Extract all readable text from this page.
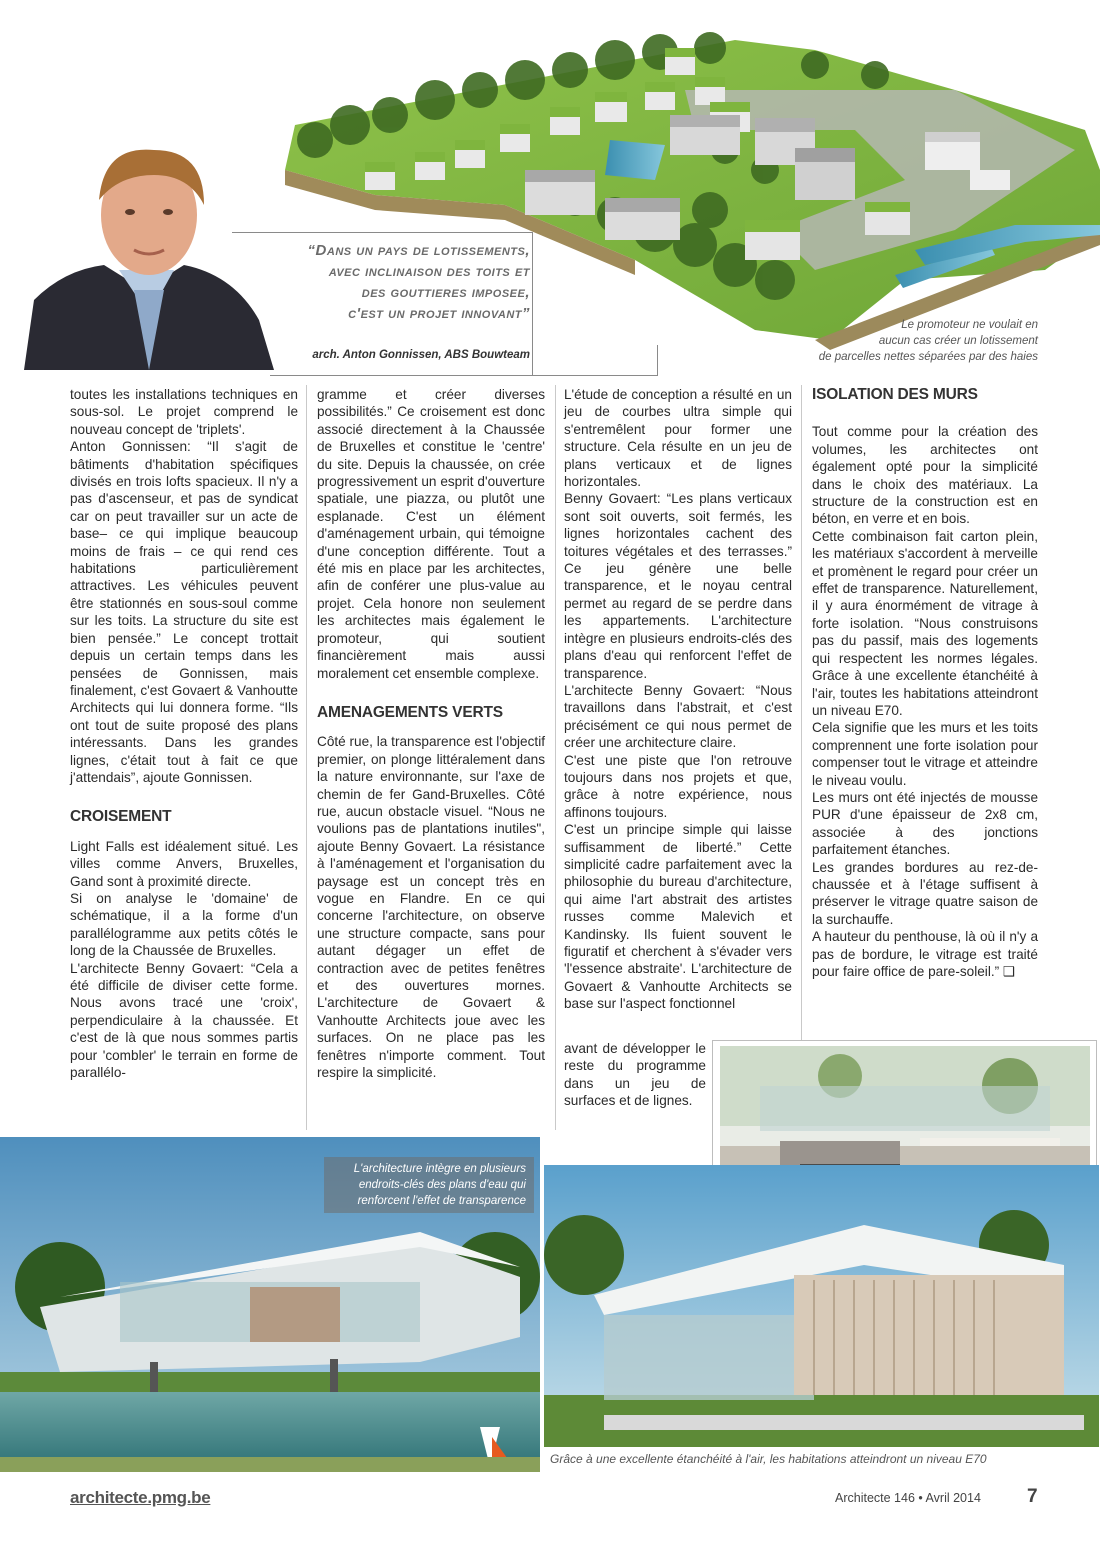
“Dans un pays de lotissements,
avec inclinaison des toits et
des gouttieres imposee,
c'est un projet innovant”
arch. Anton Gonnissen, ABS Bouwteam
Le promoteur ne voulait en
aucun cas créer un lotissement
de parcelles nettes séparées par des haies

toutes les installations techniques en sous-sol. Le projet comprend le nouveau concept de 'triplets'.

Anton Gonnissen: “Il s'agit de bâtiments d'habitation spécifiques divisés en trois lofts spacieux. Il n'y a pas d'ascenseur, et pas de syndicat car on peut travailler sur un acte de base– ce qui implique beaucoup moins de frais – ce qui rend ces habitations particulièrement attractives. Les véhicules peuvent être stationnés en sous-soul comme sur les toits. La structure du site est bien pensée.” Le concept trottait depuis un certain temps dans les pensées de Gonnissen, mais finalement, c'est Govaert & Vanhoutte Architects qui lui donnera forme. “Ils ont tout de suite proposé des plans intéressants. Dans les grandes lignes, c'était tout à fait ce que j'attendais”, ajoute Gonnissen.

CROISEMENT

Light Falls est idéalement situé. Les villes comme Anvers, Bruxelles, Gand sont à proximité directe.

Si on analyse le 'domaine' de schématique, il a la forme d'un parallélogramme aux petits côtés le long de la Chaussée de Bruxelles.

L'architecte Benny Govaert: “Cela a été difficile de diviser cette forme. Nous avons tracé une 'croix', perpendiculaire à la chaussée. Et c'est de là que nous sommes partis pour 'combler' le terrain en forme de parallélo-

gramme et créer diverses possibilités.” Ce croisement est donc associé directement à la Chaussée de Bruxelles et constitue le 'centre' du site. Depuis la chaussée, on crée progressivement un esprit d'ouverture spatiale, une piazza, ou plutôt une esplanade. C'est un élément d'aménagement urbain, qui témoigne d'une conception différente. Tout a été mis en place par les architectes, afin de conférer une plus-value au projet. Cela honore non seulement les architectes mais également le promoteur, qui soutient financièrement mais aussi moralement cet ensemble complexe.

AMENAGEMENTS VERTS

Côté rue, la transparence est l'objectif premier, on plonge littéralement dans la nature environnante, sur l'axe de chemin de fer Gand-Bruxelles. Côté rue, aucun obstacle visuel. “Nous ne voulions pas de plantations inutiles", ajoute Benny Govaert. La résistance à l'aménagement et l'organisation du paysage est un concept très en vogue en Flandre. En ce qui concerne l'architecture, on observe une structure compacte, sans pour autant dégager un effet de contraction avec de petites fenêtres et des ouvertures mornes. L'architecture de Govaert & Vanhoutte Architects joue avec les surfaces. On ne place pas les fenêtres n'importe comment. Tout respire la simplicité.

L'étude de conception a résulté en un jeu de courbes ultra simple qui s'entremêlent pour former une structure. Cela résulte en un jeu de plans verticaux et de lignes horizontales.

Benny Govaert: “Les plans verticaux sont soit ouverts, soit fermés, les lignes horizontales cachent des toitures végétales et des terrasses.” Ce jeu génère une belle transparence, et le noyau central permet au regard de se perdre dans les appartements. L'architecture intègre en plusieurs endroits-clés des plans d'eau qui renforcent l'effet de transparence.

L'architecte Benny Govaert: “Nous travaillons dans l'abstrait, et c'est précisément ce qui nous permet de créer une architecture claire.

C'est une piste que l'on retrouve toujours dans nos projets et que, grâce à notre expérience, nous affinons toujours.

C'est un principe simple qui laisse suffisamment de liberté.” Cette simplicité cadre parfaitement avec la philosophie du bureau d'architecture, qui aime l'art abstrait des artistes russes comme Malevich et Kandinsky. Ils fuient souvent le figuratif et cherchent à s'évader vers 'l'essence abstraite'. L'architecture de Govaert & Vanhoutte Architects se base sur l'aspect fonctionnel

avant de développer le reste du programme dans un jeu de surfaces et de lignes.

ISOLATION DES MURS

Tout comme pour la création des volumes, les architectes ont également opté pour la simplicité dans le choix des matériaux. La structure de la construction est en béton, en verre et en bois.

Cette combinaison fait carton plein, les matériaux s'accordent à merveille et promènent le regard pour créer un effet de transparence. Naturellement, il y aura énormément de vitrage à forte isolation. “Nous construisons pas du passif, mais des logements qui respectent les normes légales. Grâce à une excellente étanchéité à l'air, toutes les habitations atteindront un niveau E70.

Cela signifie que les murs et les toits comprennent une forte isolation pour compenser tout le vitrage et atteindre le niveau voulu.

Les murs ont été injectés de mousse PUR d'une épaisseur de 2x8 cm, associée à des jonctions parfaitement étanches.

Les grandes bordures au rez-de-chaussée et à l'étage suffisent à préserver le vitrage quatre saison de la surchauffe.

A hauteur du penthouse, là où il n'y a pas de bordure, le vitrage est traité pour faire office de pare-soleil.” ❑

L'architecture intègre en plusieurs
endroits-clés des plans d'eau qui
renforcent l'effet de transparence
Grâce à une excellente étanchéité à l'air, les habitations atteindront un niveau E70
architecte.pmg.be	Architecte 146 • Avril 2014 7
